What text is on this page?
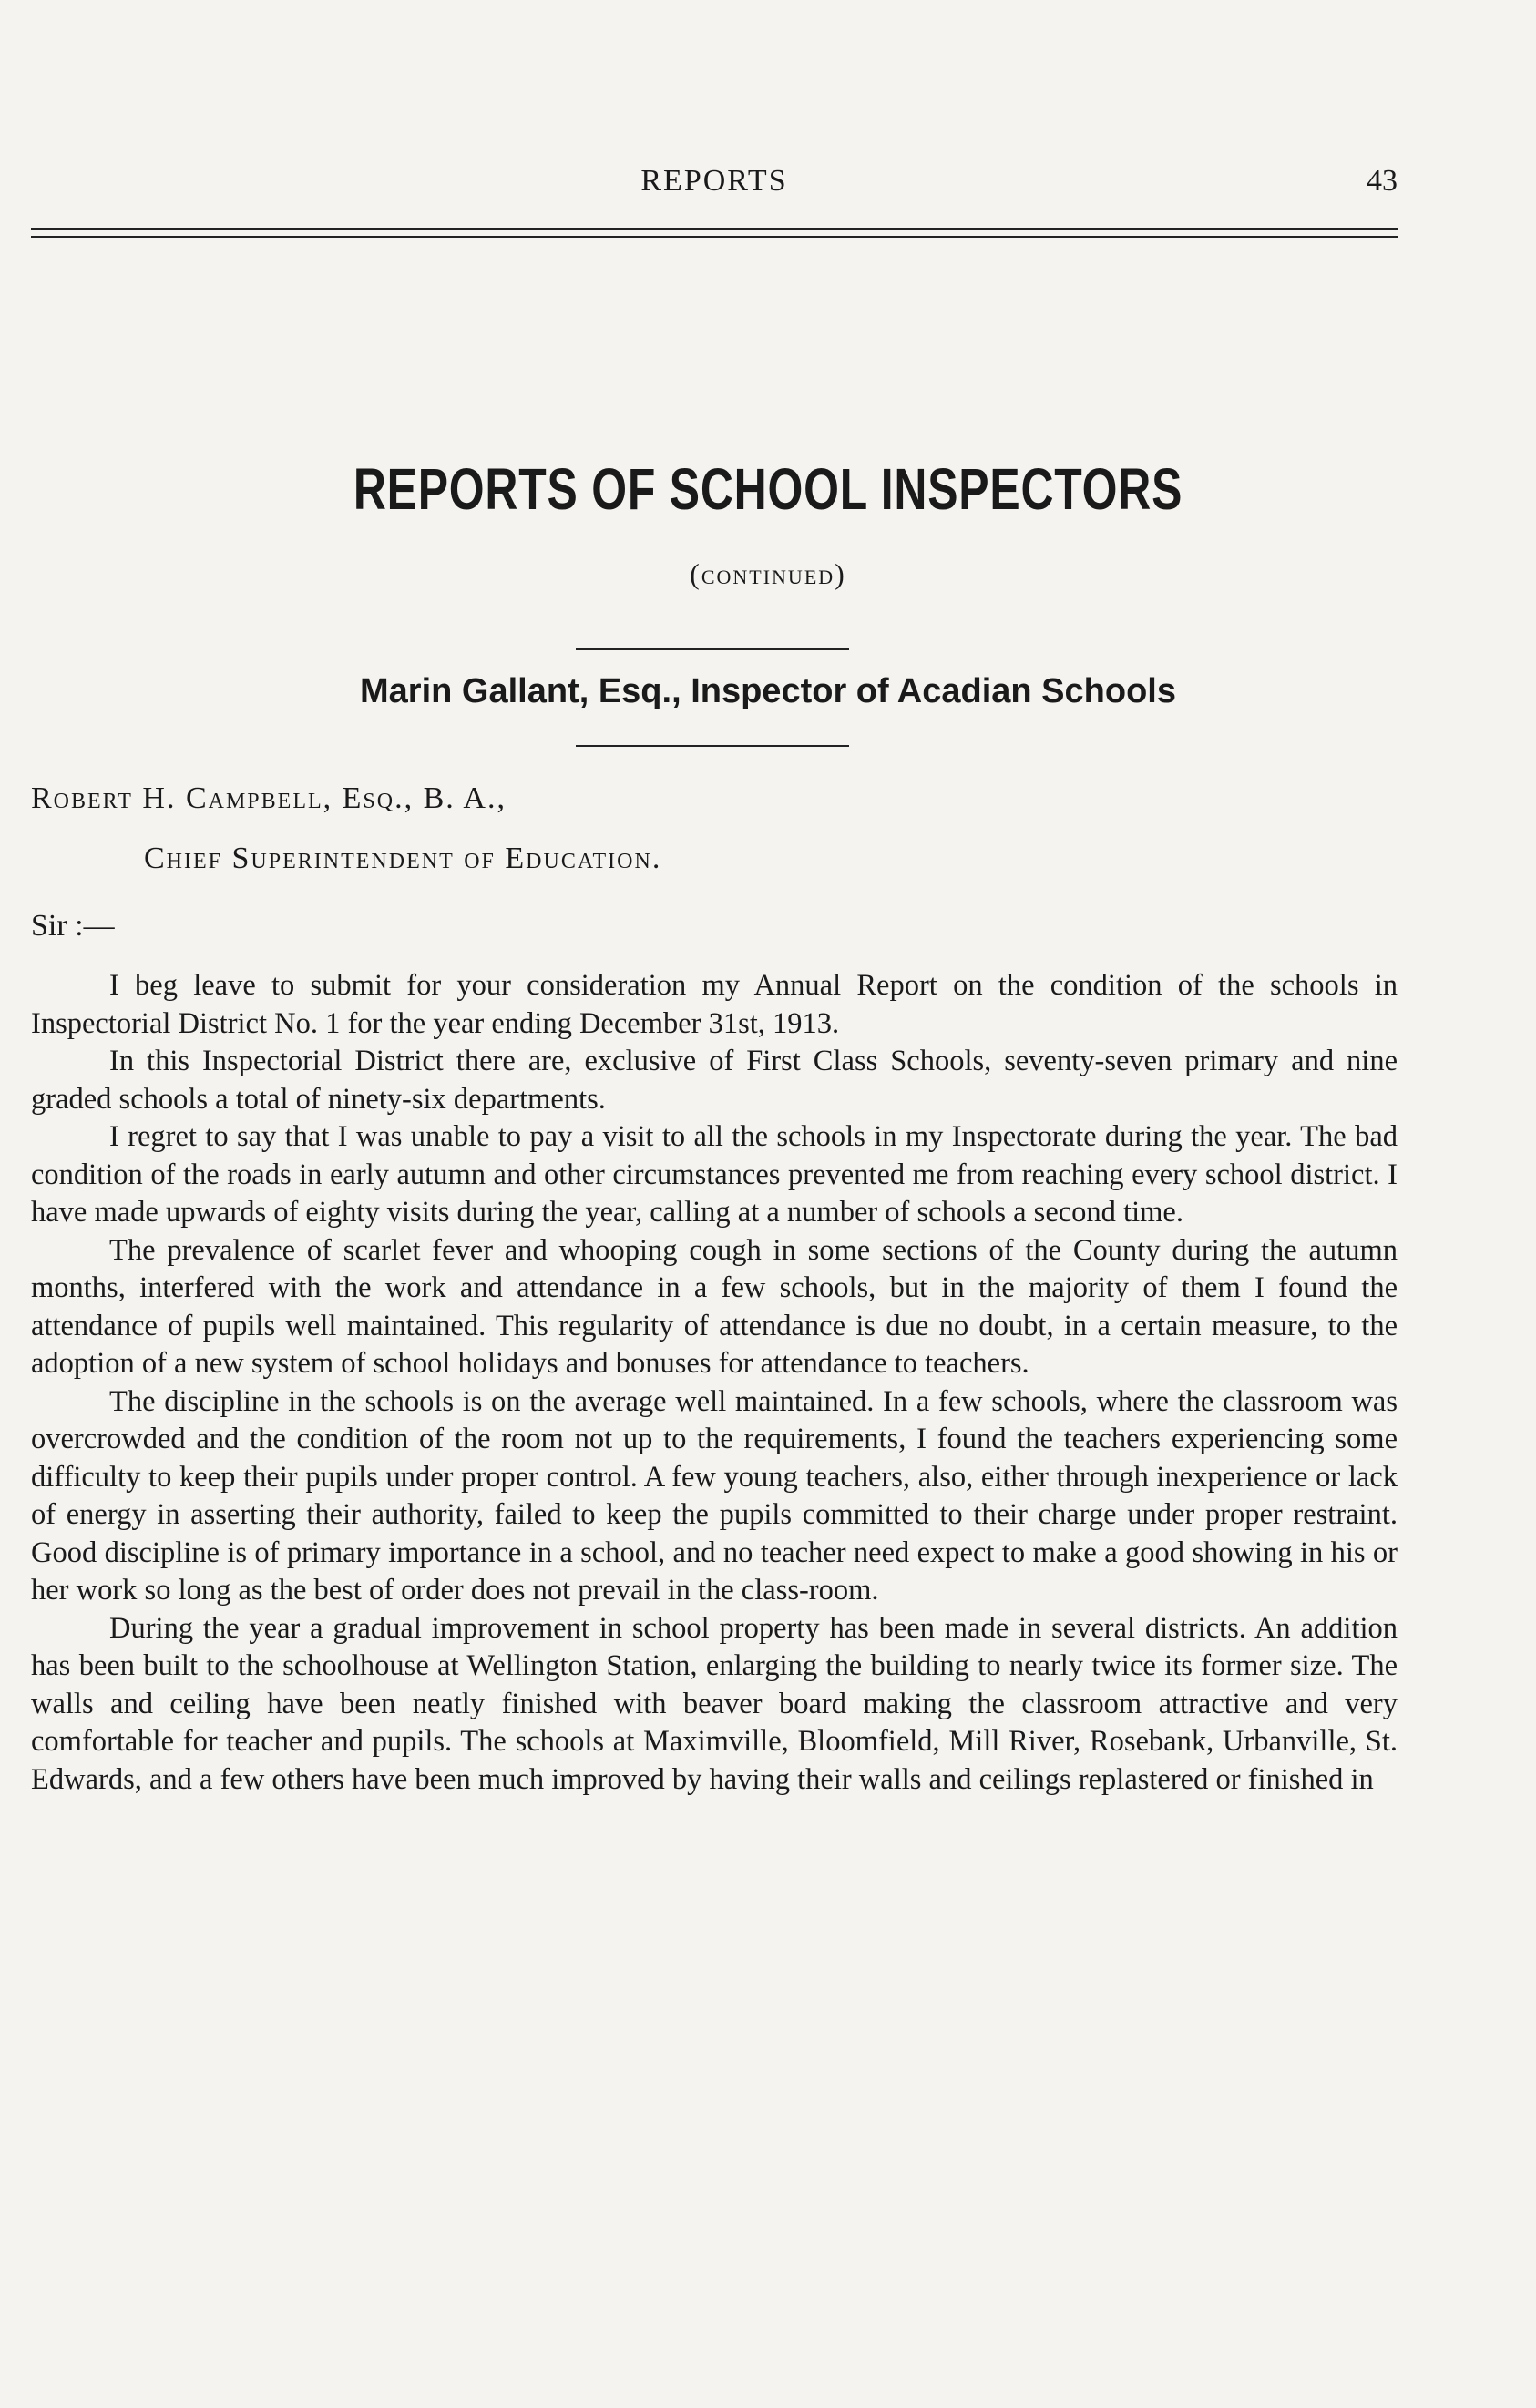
REPORTS	43
REPORTS OF SCHOOL INSPECTORS
(continued)
Marin Gallant, Esq., Inspector of Acadian Schools
Robert H. Campbell, Esq., B. A.,
Chief Superintendent of Education.
Sir :—

I beg leave to submit for your consideration my Annual Report on the condition of the schools in Inspectorial District No. 1 for the year ending December 31st, 1913.

In this Inspectorial District there are, exclusive of First Class Schools, seventy-seven primary and nine graded schools a total of ninety-six departments.

I regret to say that I was unable to pay a visit to all the schools in my Inspectorate during the year. The bad condition of the roads in early autumn and other circumstances prevented me from reaching every school district. I have made upwards of eighty visits during the year, calling at a number of schools a second time.

The prevalence of scarlet fever and whooping cough in some sections of the County during the autumn months, interfered with the work and attendance in a few schools, but in the majority of them I found the attendance of pupils well maintained. This regularity of attendance is due no doubt, in a certain measure, to the adoption of a new system of school holidays and bonuses for attendance to teachers.

The discipline in the schools is on the average well maintained. In a few schools, where the classroom was overcrowded and the condition of the room not up to the requirements, I found the teachers experiencing some difficulty to keep their pupils under proper control. A few young teachers, also, either through inexperience or lack of energy in asserting their authority, failed to keep the pupils committed to their charge under proper restraint. Good discipline is of primary importance in a school, and no teacher need expect to make a good showing in his or her work so long as the best of order does not prevail in the class-room.

During the year a gradual improvement in school property has been made in several districts. An addition has been built to the schoolhouse at Wellington Station, enlarging the building to nearly twice its former size. The walls and ceiling have been neatly finished with beaver board making the classroom attractive and very comfortable for teacher and pupils. The schools at Maximville, Bloomfield, Mill River, Rosebank, Urbanville, St. Edwards, and a few others have been much improved by having their walls and ceilings replastered or finished in
